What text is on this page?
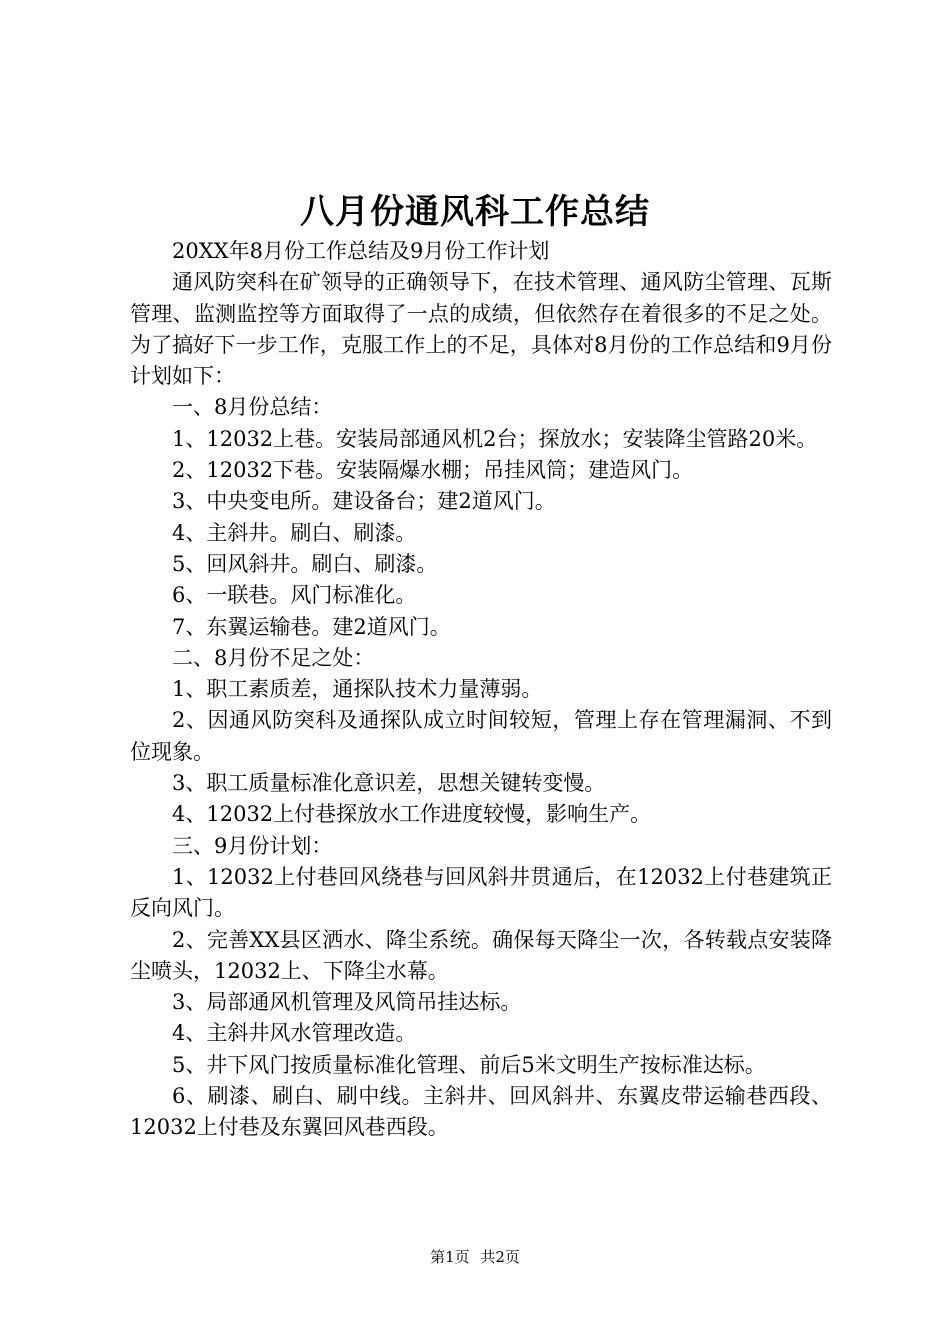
八月份通风科工作总结

20XX年8月份工作总结及9月份工作计划

通风防突科在矿领导的正确领导下，在技术管理、通风防尘管理、瓦斯管理、监测监控等方面取得了一点的成绩，但依然存在着很多的不足之处。为了搞好下一步工作，克服工作上的不足，具体对8月份的工作总结和9月份计划如下：

一、8月份总结：

1、12032上巷。安装局部通风机2台；探放水；安装降尘管路20米。

2、12032下巷。安装隔爆水棚；吊挂风筒；建造风门。

3、中央变电所。建设备台；建2道风门。

4、主斜井。刷白、刷漆。

5、回风斜井。刷白、刷漆。

6、一联巷。风门标准化。

7、东翼运输巷。建2道风门。

二、8月份不足之处：

1、职工素质差，通探队技术力量薄弱。

2、因通风防突科及通探队成立时间较短，管理上存在管理漏洞、不到位现象。

3、职工质量标准化意识差，思想关键转变慢。

4、12032上付巷探放水工作进度较慢，影响生产。

三、9月份计划：

1、12032上付巷回风绕巷与回风斜井贯通后，在12032上付巷建筑正反向风门。

2、完善XX县区洒水、降尘系统。确保每天降尘一次，各转载点安装降尘喷头，12032上、下降尘水幕。

3、局部通风机管理及风筒吊挂达标。

4、主斜井风水管理改造。

5、井下风门按质量标准化管理、前后5米文明生产按标准达标。

6、刷漆、刷白、刷中线。主斜井、回风斜井、东翼皮带运输巷西段、12032上付巷及东翼回风巷西段。

第1页 共2页
